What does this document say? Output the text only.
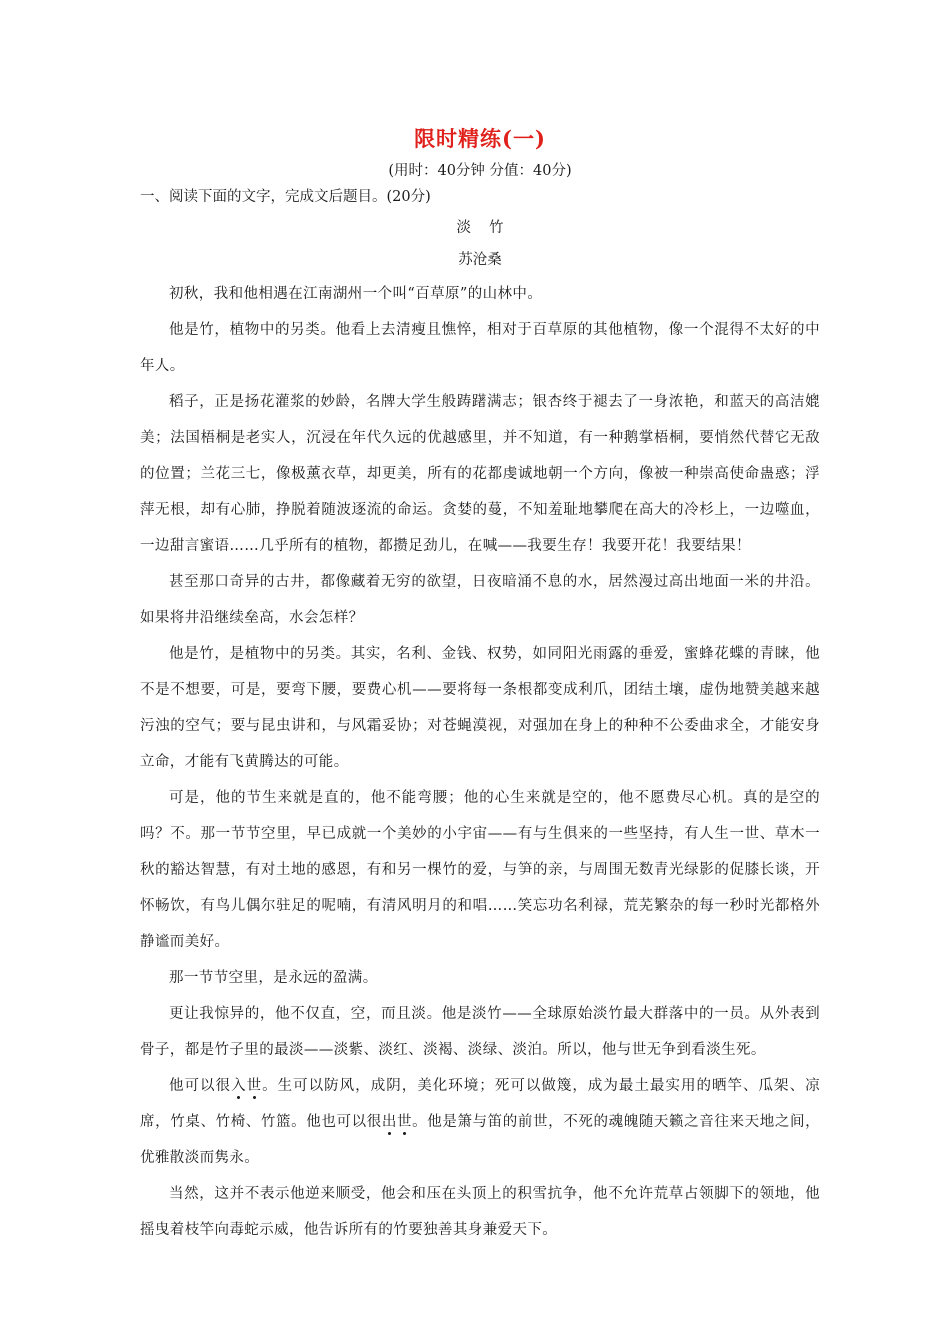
限时精练(一)

(用时：40分钟 分值：40分)

一、阅读下面的文字，完成文后题目。(20分)

淡竹

苏沧桑

初秋，我和他相遇在江南湖州一个叫“百草原”的山林中。

他是竹，植物中的另类。他看上去清瘦且憔悴，相对于百草原的其他植物，像一个混得不太好的中年人。

稻子，正是扬花灌浆的妙龄，名牌大学生般踌躇满志；银杏终于褪去了一身浓艳，和蓝天的高洁媲美；法国梧桐是老实人，沉浸在年代久远的优越感里，并不知道，有一种鹅掌梧桐，要悄然代替它无敌的位置；兰花三七，像极薰衣草，却更美，所有的花都虔诚地朝一个方向，像被一种崇高使命蛊惑；浮萍无根，却有心肺，挣脱着随波逐流的命运。贪婪的蔓，不知羞耻地攀爬在高大的冷杉上，一边噬血，一边甜言蜜语……几乎所有的植物，都攒足劲儿，在喊——我要生存！我要开花！我要结果！

甚至那口奇异的古井，都像藏着无穷的欲望，日夜暗涌不息的水，居然漫过高出地面一米的井沿。如果将井沿继续垒高，水会怎样？

他是竹，是植物中的另类。其实，名利、金钱、权势，如同阳光雨露的垂爱，蜜蜂花蝶的青睐，他不是不想要，可是，要弯下腰，要费心机——要将每一条根都变成利爪，团结土壤，虚伪地赞美越来越污浊的空气；要与昆虫讲和，与风霜妥协；对苍蝇漠视，对强加在身上的种种不公委曲求全，才能安身立命，才能有飞黄腾达的可能。

可是，他的节生来就是直的，他不能弯腰；他的心生来就是空的，他不愿费尽心机。真的是空的吗？不。那一节节空里，早已成就一个美妙的小宇宙——有与生俱来的一些坚持，有人生一世、草木一秋的豁达智慧，有对土地的感恩，有和另一棵竹的爱，与笋的亲，与周围无数青光绿影的促膝长谈，开怀畅饮，有鸟儿偶尔驻足的呢喃，有清风明月的和唱……笑忘功名利禄，荒芜繁杂的每一秒时光都格外静谧而美好。

那一节节空里，是永远的盈满。

更让我惊异的，他不仅直，空，而且淡。他是淡竹——全球原始淡竹最大群落中的一员。从外表到骨子，都是竹子里的最淡——淡紫、淡红、淡褐、淡绿、淡泊。所以，他与世无争到看淡生死。

他可以很入世。生可以防风，成阴，美化环境；死可以做篾，成为最土最实用的晒竿、瓜架、凉席，竹桌、竹椅、竹篮。他也可以很出世。他是箫与笛的前世，不死的魂魄随天籁之音往来天地之间，优雅散淡而隽永。

当然，这并不表示他逆来顺受，他会和压在头顶上的积雪抗争，他不允许荒草占领脚下的领地，他摇曳着枝竿向毒蛇示威，他告诉所有的竹要独善其身兼爱天下。
